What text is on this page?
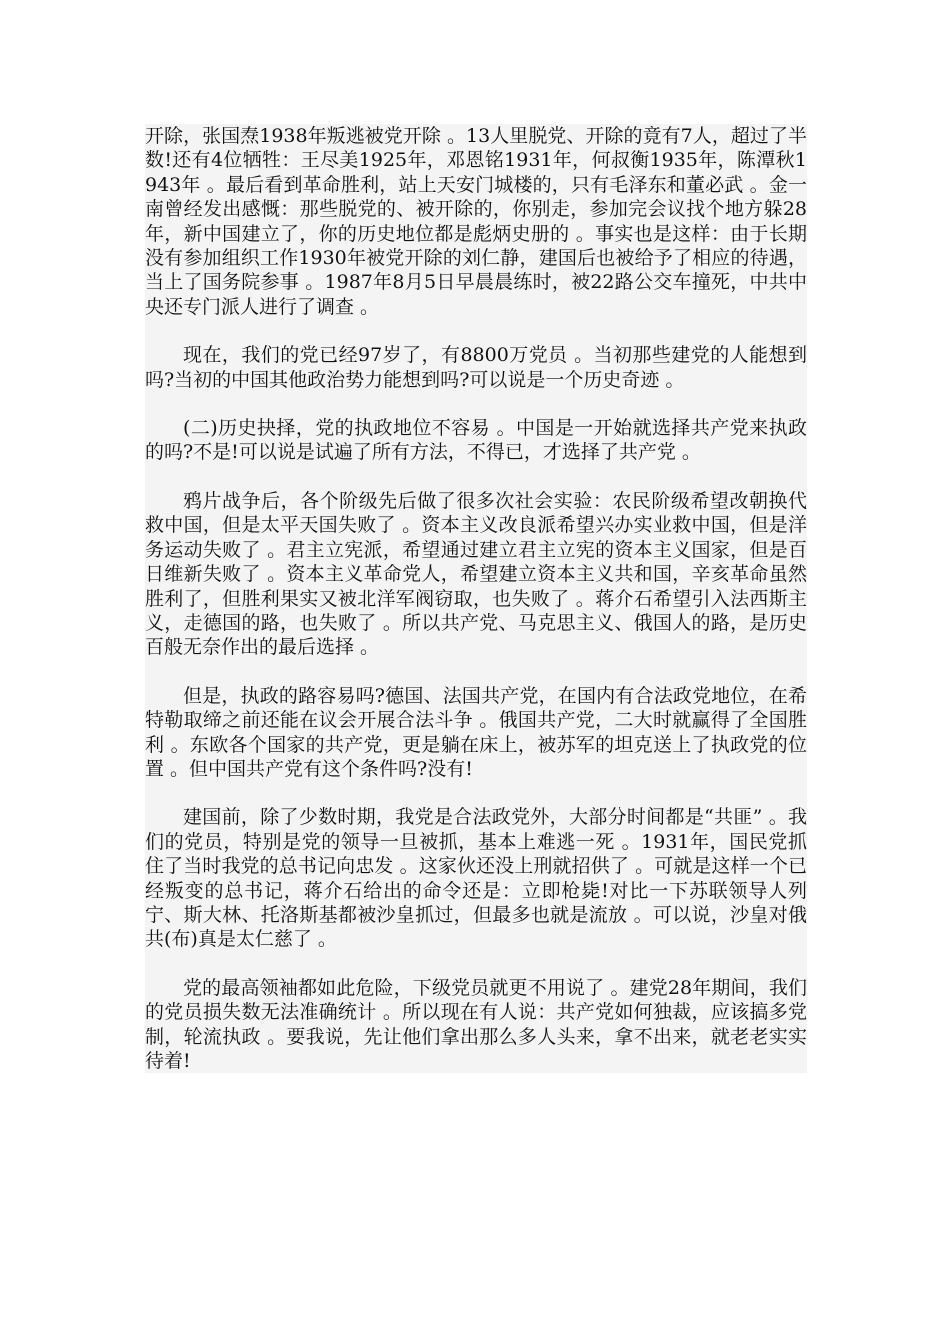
开除，张国焘1938年叛逃被党开除 。13人里脱党、开除的竟有7人，超过了半数!还有4位牺牲：王尽美1925年，邓恩铭1931年，何叔衡1935年，陈潭秋1943年 。最后看到革命胜利，站上天安门城楼的，只有毛泽东和董必武 。金一南曾经发出感慨：那些脱党的、被开除的，你别走，参加完会议找个地方躲28年，新中国建立了，你的历史地位都是彪炳史册的 。事实也是这样：由于长期没有参加组织工作1930年被党开除的刘仁静，建国后也被给予了相应的待遇，当上了国务院参事 。1987年8月5日早晨晨练时，被22路公交车撞死，中共中央还专门派人进行了调查 。

现在，我们的党已经97岁了，有8800万党员 。当初那些建党的人能想到吗?当初的中国其他政治势力能想到吗?可以说是一个历史奇迹 。

(二)历史抉择，党的执政地位不容易 。中国是一开始就选择共产党来执政的吗?不是!可以说是试遍了所有方法，不得已，才选择了共产党 。

鸦片战争后，各个阶级先后做了很多次社会实验：农民阶级希望改朝换代救中国，但是太平天国失败了 。资本主义改良派希望兴办实业救中国，但是洋务运动失败了 。君主立宪派，希望通过建立君主立宪的资本主义国家，但是百日维新失败了 。资本主义革命党人，希望建立资本主义共和国，辛亥革命虽然胜利了，但胜利果实又被北洋军阀窃取，也失败了 。蒋介石希望引入法西斯主义，走德国的路，也失败了 。所以共产党、马克思主义、俄国人的路，是历史百般无奈作出的最后选择 。

但是，执政的路容易吗?德国、法国共产党，在国内有合法政党地位，在希特勒取缔之前还能在议会开展合法斗争 。俄国共产党，二大时就赢得了全国胜利 。东欧各个国家的共产党，更是躺在床上，被苏军的坦克送上了执政党的位置 。但中国共产党有这个条件吗?没有!

建国前，除了少数时期，我党是合法政党外，大部分时间都是“共匪” 。我们的党员，特别是党的领导一旦被抓，基本上难逃一死 。1931年，国民党抓住了当时我党的总书记向忠发 。这家伙还没上刑就招供了 。可就是这样一个已经叛变的总书记，蒋介石给出的命令还是：立即枪毙!对比一下苏联领导人列宁、斯大林、托洛斯基都被沙皇抓过，但最多也就是流放 。可以说，沙皇对俄共(布)真是太仁慈了 。

党的最高领袖都如此危险，下级党员就更不用说了 。建党28年期间，我们的党员损失数无法准确统计 。所以现在有人说：共产党如何独裁，应该搞多党制，轮流执政 。要我说，先让他们拿出那么多人头来，拿不出来，就老老实实待着!
